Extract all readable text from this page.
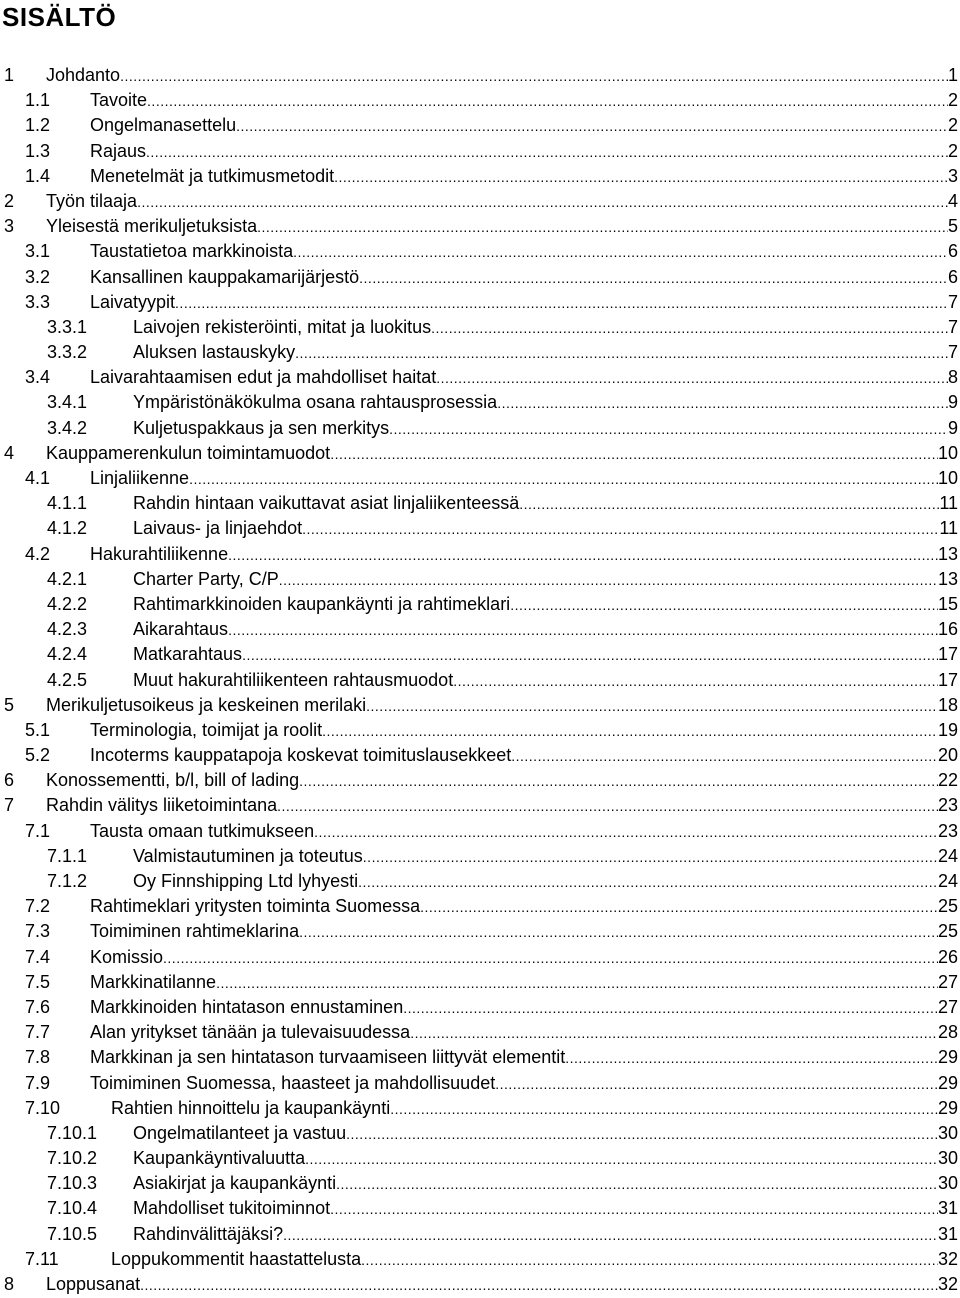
SISÄLTÖ
1 Johdanto .....	1
1.1 Tavoite .....	2
1.2 Ongelmanasettelu .....	2
1.3 Rajaus .....	2
1.4 Menetelmät ja tutkimusmetodit .....	3
2 Työn tilaaja .....	4
3 Yleisestä merikuljetuksista .....	5
3.1 Taustatietoa markkinoista .....	6
3.2 Kansallinen kauppakamarijärjestö .....	6
3.3 Laivatyypit .....	7
3.3.1	Laivojen rekisteröinti, mitat ja luokitus .....	7
3.3.2	Aluksen lastauskyky .....	7
3.4 Laivarahtaamisen edut ja mahdolliset haitat .....	8
3.4.1	Ympäristönäkökulma osana rahtausprosessia .....	9
3.4.2	Kuljetuspakkaus ja sen merkitys .....	9
4 Kauppamerenkulun toimintamuodot .....	10
4.1 Linjaliikenne .....	10
4.1.1	Rahdin hintaan vaikuttavat asiat linjaliikenteessä .....	11
4.1.2	Laivaus- ja linjaehdot .....	11
4.2 Hakurahtiliikenne .....	13
4.2.1	Charter Party, C/P .....	13
4.2.2	Rahtimarkkinoiden kaupankäynti ja rahtimeklari .....	15
4.2.3	Aikarahtaus .....	16
4.2.4	Matkarahtaus .....	17
4.2.5	Muut hakurahtiliikenteen rahtausmuodot .....	17
5 Merikuljetusoikeus ja keskeinen merilaki .....	18
5.1 Terminologia, toimijat ja roolit .....	19
5.2 Incoterms kauppatapoja koskevat toimituslausekkeet .....	20
6 Konossementti, b/l, bill of lading .....	22
7 Rahdin välitys liiketoimintana .....	23
7.1 Tausta omaan tutkimukseen .....	23
7.1.1	Valmistautuminen ja toteutus .....	24
7.1.2	Oy Finnshipping Ltd lyhyesti .....	24
7.2 Rahtimeklari yritysten toiminta Suomessa .....	25
7.3 Toimiminen rahtimeklarina .....	25
7.4 Komissio .....	26
7.5 Markkinatilanne .....	27
7.6 Markkinoiden hintatason ennustaminen .....	27
7.7 Alan yritykset tänään ja tulevaisuudessa .....	28
7.8 Markkinan ja sen hintatason turvaamiseen liittyvät elementit .....	29
7.9 Toimiminen Suomessa, haasteet ja mahdollisuudet .....	29
7.10	Rahtien hinnoittelu ja kaupankäynti .....	29
7.10.1 Ongelmatilanteet ja vastuu .....	30
7.10.2 Kaupankäyntivaluutta .....	30
7.10.3 Asiakirjat ja kaupankäynti .....	30
7.10.4 Mahdolliset tukitoiminnot .....	31
7.10.5 Rahdinvälittäjäksi? .....	31
7.11	Loppukommentit haastattelusta .....	32
8 Loppusanat .....	32
